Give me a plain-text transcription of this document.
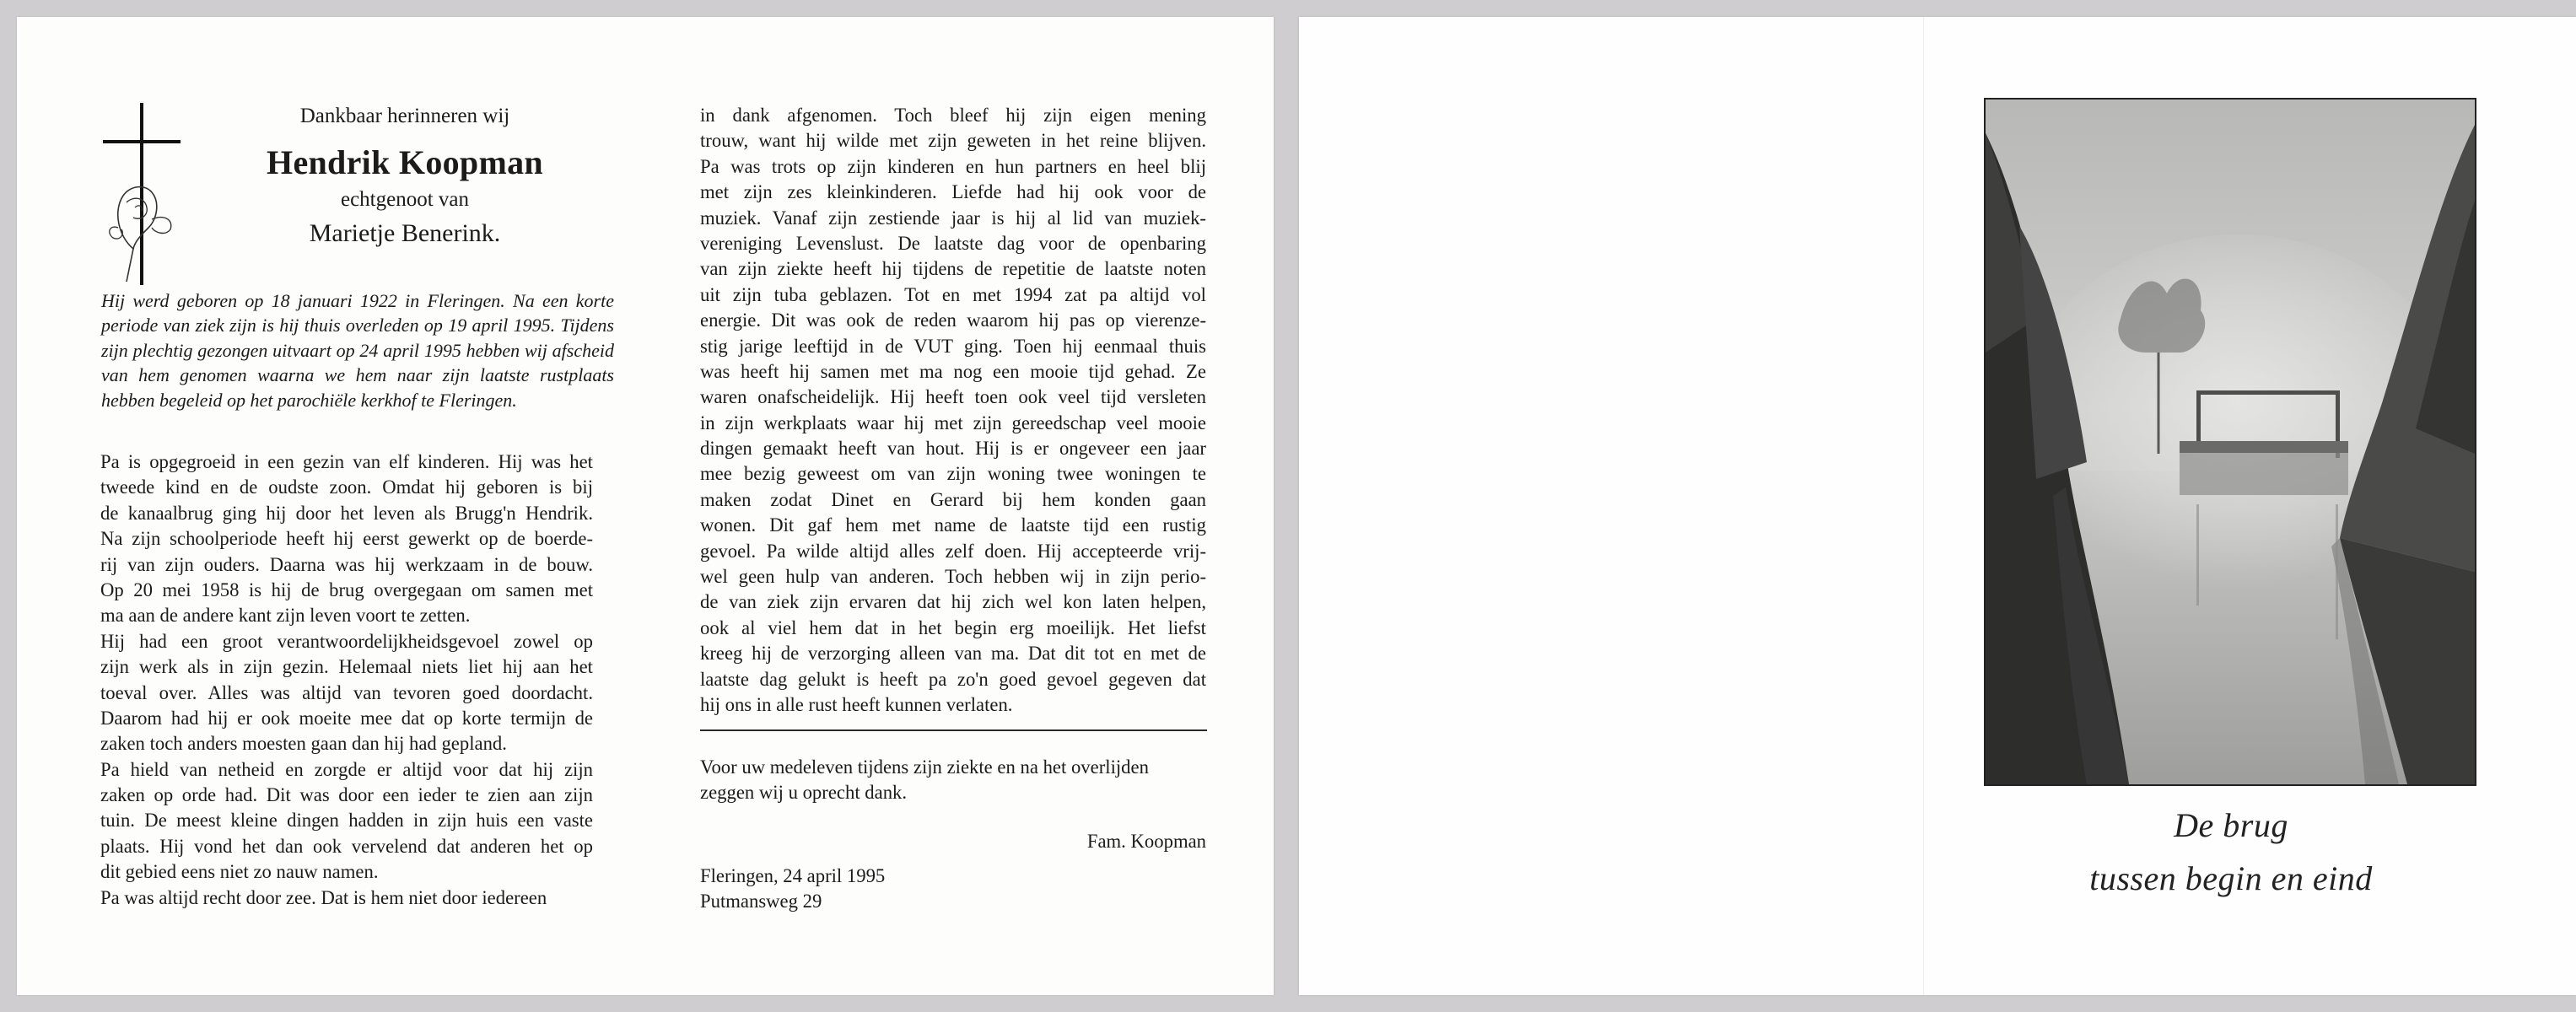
Dankbaar herinneren wij
Hendrik Koopman
echtgenoot van
Marietje Benerink.
Hij werd geboren op 18 januari 1922 in Fleringen. Na een korte periode van ziek zijn is hij thuis overleden op 19 april 1995. Tijdens zijn plechtig gezongen uitvaart op 24 april 1995 hebben wij afscheid van hem genomen waarna we hem naar zijn laatste rustplaats hebben begeleid op het parochiële kerkhof te Fleringen.
Pa is opgegroeid in een gezin van elf kinderen. Hij was het
tweede kind en de oudste zoon. Omdat hij geboren is bij
de kanaalbrug ging hij door het leven als Brugg'n Hendrik.
Na zijn schoolperiode heeft hij eerst gewerkt op de boerde-
rij van zijn ouders. Daarna was hij werkzaam in de bouw.
Op 20 mei 1958 is hij de brug overgegaan om samen met
ma aan de andere kant zijn leven voort te zetten.
Hij had een groot verantwoordelijkheidsgevoel zowel op
zijn werk als in zijn gezin. Helemaal niets liet hij aan het
toeval over. Alles was altijd van tevoren goed doordacht.
Daarom had hij er ook moeite mee dat op korte termijn de
zaken toch anders moesten gaan dan hij had gepland.
Pa hield van netheid en zorgde er altijd voor dat hij zijn
zaken op orde had. Dit was door een ieder te zien aan zijn
tuin. De meest kleine dingen hadden in zijn huis een vaste
plaats. Hij vond het dan ook vervelend dat anderen het op
dit gebied eens niet zo nauw namen.
Pa was altijd recht door zee. Dat is hem niet door iedereen
in dank afgenomen. Toch bleef hij zijn eigen mening
trouw, want hij wilde met zijn geweten in het reine blijven.
Pa was trots op zijn kinderen en hun partners en heel blij
met zijn zes kleinkinderen. Liefde had hij ook voor de
muziek. Vanaf zijn zestiende jaar is hij al lid van muziek-
vereniging Levenslust. De laatste dag voor de openbaring
van zijn ziekte heeft hij tijdens de repetitie de laatste noten
uit zijn tuba geblazen. Tot en met 1994 zat pa altijd vol
energie. Dit was ook de reden waarom hij pas op vierenze-
stig jarige leeftijd in de VUT ging. Toen hij eenmaal thuis
was heeft hij samen met ma nog een mooie tijd gehad. Ze
waren onafscheidelijk. Hij heeft toen ook veel tijd versleten
in zijn werkplaats waar hij met zijn gereedschap veel mooie
dingen gemaakt heeft van hout. Hij is er ongeveer een jaar
mee bezig geweest om van zijn woning twee woningen te
maken zodat Dinet en Gerard bij hem konden gaan
wonen. Dit gaf hem met name de laatste tijd een rustig
gevoel. Pa wilde altijd alles zelf doen. Hij accepteerde vrij-
wel geen hulp van anderen. Toch hebben wij in zijn perio-
de van ziek zijn ervaren dat hij zich wel kon laten helpen,
ook al viel hem dat in het begin erg moeilijk. Het liefst
kreeg hij de verzorging alleen van ma. Dat dit tot en met de
laatste dag gelukt is heeft pa zo'n goed gevoel gegeven dat
hij ons in alle rust heeft kunnen verlaten.
Voor uw medeleven tijdens zijn ziekte en na het overlijden
zeggen wij u oprecht dank.
Fam. Koopman
Fleringen, 24 april 1995
Putmansweg 29
De brug
tussen begin en eind
